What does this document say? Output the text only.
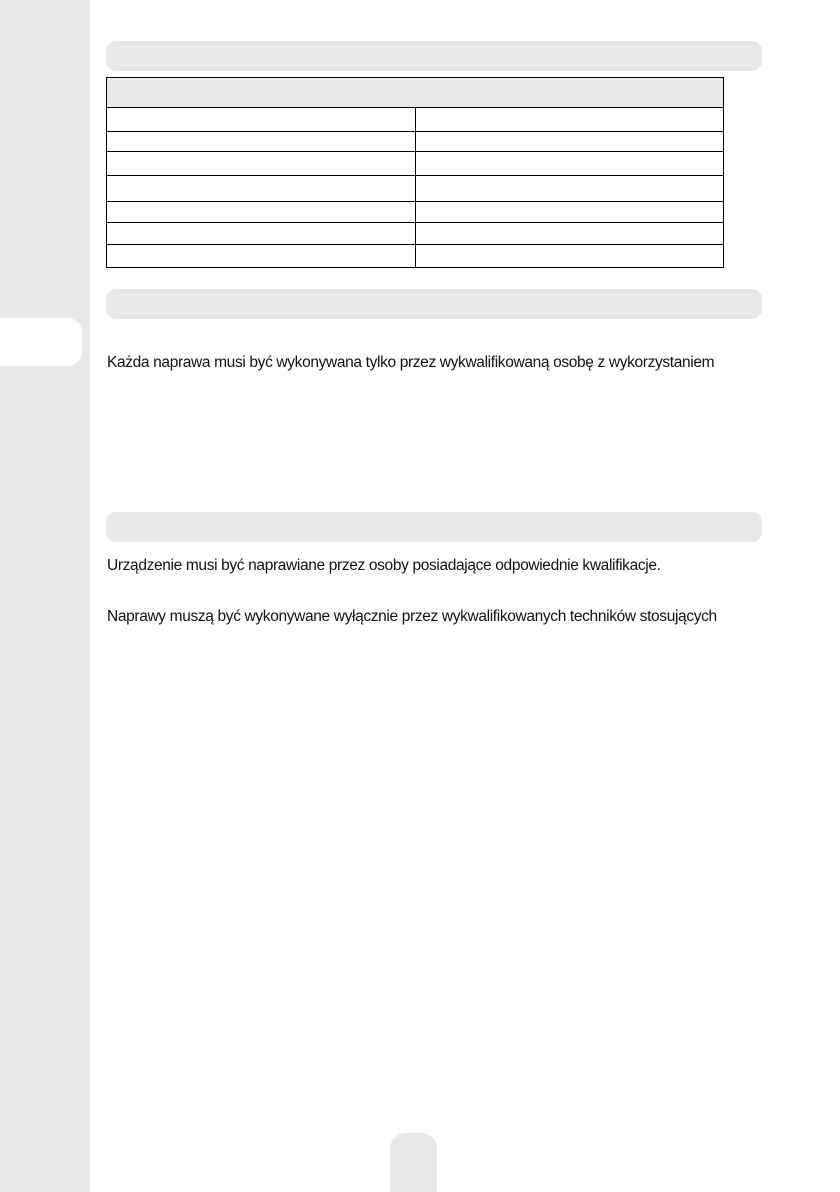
Każda naprawa musi być wykonywana tylko przez wykwalifikowaną osobę z wykorzystaniem

Urządzenie musi być naprawiane przez osoby posiadające odpowiednie kwalifikacje.

Naprawy muszą być wykonywane wyłącznie przez wykwalifikowanych techników stosujących
